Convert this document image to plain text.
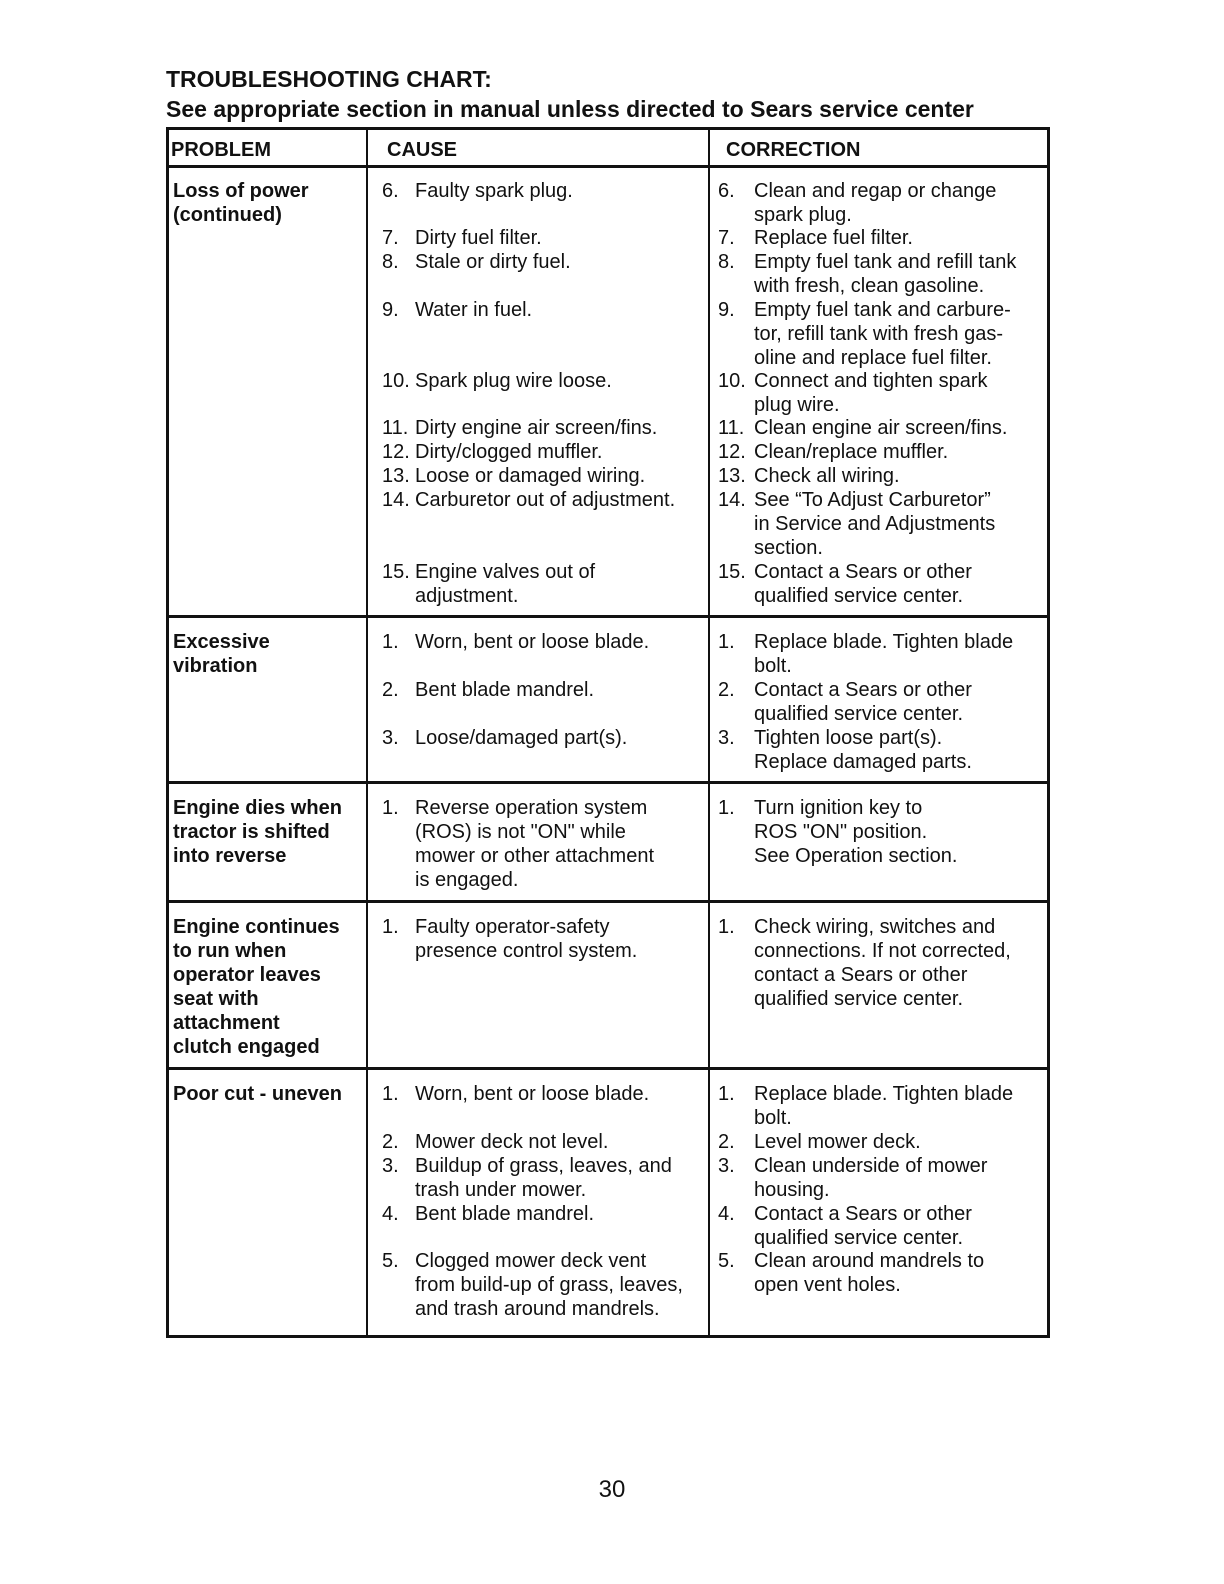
TROUBLESHOOTING CHART:
See appropriate section in manual unless directed to Sears service center
PROBLEM	CAUSE	CORRECTION
Loss of power
(continued)
6. Faulty spark plug.
7. Dirty fuel filter.
8. Stale or dirty fuel.
9. Water in fuel.
10. Spark plug wire loose.
11. Dirty engine air screen/fins.
12. Dirty/clogged muffler.
13. Loose or damaged wiring.
14. Carburetor out of adjustment.
15. Engine valves out of
adjustment.
6. Clean and regap or change
spark plug.
7. Replace fuel filter.
8. Empty fuel tank and refill tank
with fresh, clean gasoline.
9. Empty fuel tank and carbure-
tor, refill tank with fresh gas-
oline and replace fuel filter.
10. Connect and tighten spark
plug wire.
11. Clean engine air screen/fins.
12. Clean/replace muffler.
13. Check all wiring.
14. See “To Adjust Carburetor”
in Service and Adjustments
section.
15. Contact a Sears or other
qualified service center.
Excessive
vibration
1. Worn, bent or loose blade.
2. Bent blade mandrel.
3. Loose/damaged part(s).
1. Replace blade. Tighten blade
bolt.
2. Contact a Sears or other
qualified service center.
3. Tighten loose part(s).
Replace damaged parts.
Engine dies when
tractor is shifted
into reverse
1. Reverse operation system
(ROS) is not "ON" while
mower or other attachment
is engaged.
1. Turn ignition key to
ROS "ON" position.
See Operation section.
Engine continues
to run when
operator leaves
seat with
attachment
clutch engaged
1. Faulty operator-safety
presence control system.
1. Check wiring, switches and
connections. If not corrected,
contact a Sears or other
qualified service center.
Poor cut - uneven 1. Worn, bent or loose blade.
2. Mower deck not level.
3. Buildup of grass, leaves, and
trash under mower.
4. Bent blade mandrel.
5. Clogged mower deck vent
from build-up of grass, leaves,
and trash around mandrels.
1. Replace blade. Tighten blade
bolt.
2. Level mower deck.
3. Clean underside of mower
housing.
4. Contact a Sears or other
qualified service center.
5. Clean around mandrels to
open vent holes.
30
